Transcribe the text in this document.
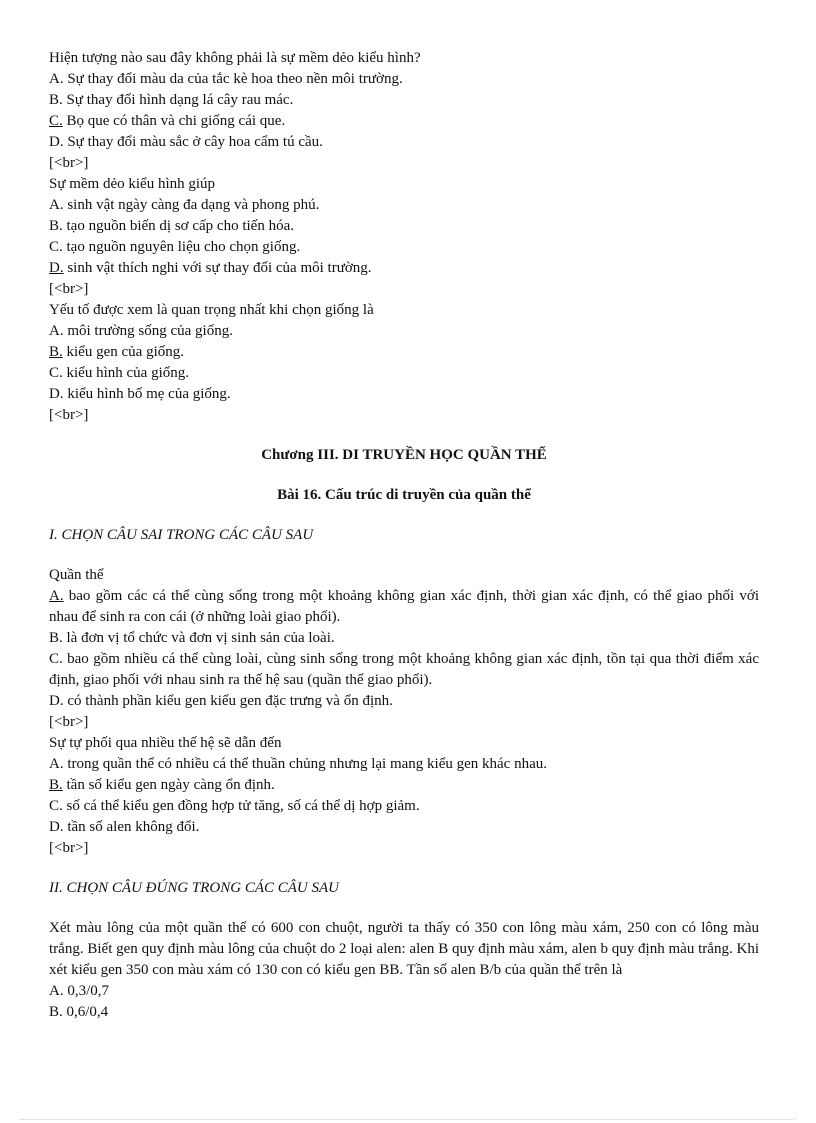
Hiện tượng nào sau đây không phải là sự mềm dẻo kiểu hình?
A. Sự thay đổi màu da của tắc kè hoa theo nền môi trường.
B. Sự thay đổi hình dạng lá cây rau mác.
C. Bọ que có thân và chi giống cái que.
D. Sự thay đổi màu sắc ở cây hoa cẩm tú cầu.
[<br>]
Sự mềm dẻo kiểu hình giúp
A. sinh vật ngày càng đa dạng và phong phú.
B. tạo nguồn biến dị sơ cấp cho tiến hóa.
C. tạo nguồn nguyên liệu cho chọn giống.
D. sinh vật thích nghi với sự thay đổi của môi trường.
[<br>]
Yếu tố được xem là quan trọng nhất khi chọn giống là
A. môi trường sống của giống.
B. kiểu gen của giống.
C. kiểu hình của giống.
D. kiểu hình bố mẹ của giống.
[<br>]
Chương III. DI TRUYỀN HỌC QUẦN THỂ
Bài 16. Cấu trúc di truyền của quần thể
I. CHỌN CÂU SAI TRONG CÁC CÂU SAU
Quần thể
A. bao gồm các cá thể cùng sống trong một khoảng không gian xác định, thời gian xác định, có thể giao phối với nhau để sinh ra con cái (ở những loài giao phối).
B. là đơn vị tổ chức và đơn vị sinh sản của loài.
C. bao gồm nhiều cá thể cùng loài, cùng sinh sống trong một khoảng không gian xác định, tồn tại qua thời điểm xác định, giao phối với nhau sinh ra thế hệ sau (quần thể giao phối).
D. có thành phần kiểu gen kiểu gen đặc trưng và ổn định.
[<br>]
Sự tự phối qua nhiều thế hệ sẽ dẫn đến
A. trong quần thể có nhiều cá thể thuần chủng nhưng lại mang kiểu gen khác nhau.
B. tần số kiểu gen ngày càng ổn định.
C. số cá thể kiểu gen đồng hợp tử tăng, số cá thể dị hợp giảm.
D. tần số alen không đổi.
[<br>]
II. CHỌN CÂU ĐÚNG TRONG CÁC CÂU SAU
Xét màu lông của một quần thể có 600 con chuột, người ta thấy có 350 con lông màu xám, 250 con có lông màu trắng. Biết gen quy định màu lông của chuột do 2 loại alen: alen B quy định màu xám, alen b quy định màu trắng. Khi xét kiểu gen 350 con màu xám có 130 con có kiểu gen BB. Tần số alen B/b của quần thể trên là
A. 0,3/0,7
B. 0,6/0,4
